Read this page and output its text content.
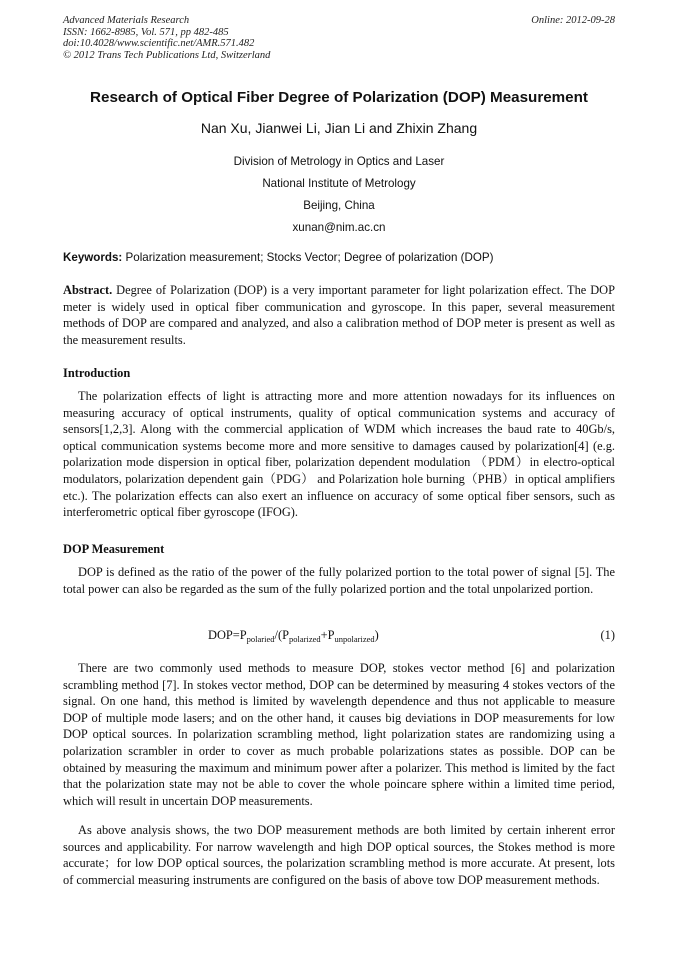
Advanced Materials Research
ISSN: 1662-8985, Vol. 571, pp 482-485
doi:10.4028/www.scientific.net/AMR.571.482
© 2012 Trans Tech Publications Ltd, Switzerland
Online: 2012-09-28
Research of Optical Fiber Degree of Polarization (DOP) Measurement
Nan Xu, Jianwei Li, Jian Li and Zhixin Zhang
Division of Metrology in Optics and Laser
National Institute of Metrology
Beijing, China
xunan@nim.ac.cn
Keywords: Polarization measurement; Stocks Vector; Degree of polarization (DOP)
Abstract. Degree of Polarization (DOP) is a very important parameter for light polarization effect. The DOP meter is widely used in optical fiber communication and gyroscope. In this paper, several measurement methods of DOP are compared and analyzed, and also a calibration method of DOP meter is present as well as the measurement results.
Introduction
The polarization effects of light is attracting more and more attention nowadays for its influences on measuring accuracy of optical instruments, quality of optical communication systems and accuracy of sensors[1,2,3]. Along with the commercial application of WDM which increases the baud rate to 40Gb/s, optical communication systems become more and more sensitive to damages caused by polarization[4] (e.g. polarization mode dispersion in optical fiber, polarization dependent modulation （PDM）in electro-optical modulators, polarization dependent gain（PDG） and Polarization hole burning（PHB）in optical amplifiers etc.). The polarization effects can also exert an influence on accuracy of some optical fiber sensors, such as interferometric optical fiber gyroscope (IFOG).
DOP Measurement
DOP is defined as the ratio of the power of the fully polarized portion to the total power of signal [5]. The total power can also be regarded as the sum of the fully polarized portion and the total unpolarized portion.
$DOP=P_{polaried}/(P_{polarized}+P_{unpolarized})$	(1)
There are two commonly used methods to measure DOP, stokes vector method [6] and polarization scrambling method [7]. In stokes vector method, DOP can be determined by measuring 4 stokes vectors of the signal. On one hand, this method is limited by wavelength dependence and thus not applicable to measure DOP of multiple mode lasers; and on the other hand, it causes big deviations in DOP measurements for low DOP optical sources. In polarization scrambling method, light polarization states are randomizing using a polarization scrambler in order to cover as much probable polarizations states as possible. DOP can be obtained by measuring the maximum and minimum power after a polarizer. This method is limited by the fact that the polarization state may not be able to cover the whole poincare sphere within a limited time period, which will result in uncertain DOP measurements.
As above analysis shows, the two DOP measurement methods are both limited by certain inherent error sources and applicability. For narrow wavelength and high DOP optical sources, the Stokes method is more accurate；for low DOP optical sources, the polarization scrambling method is more accurate. At present, lots of commercial measuring instruments are configured on the basis of above tow DOP measurement methods.
